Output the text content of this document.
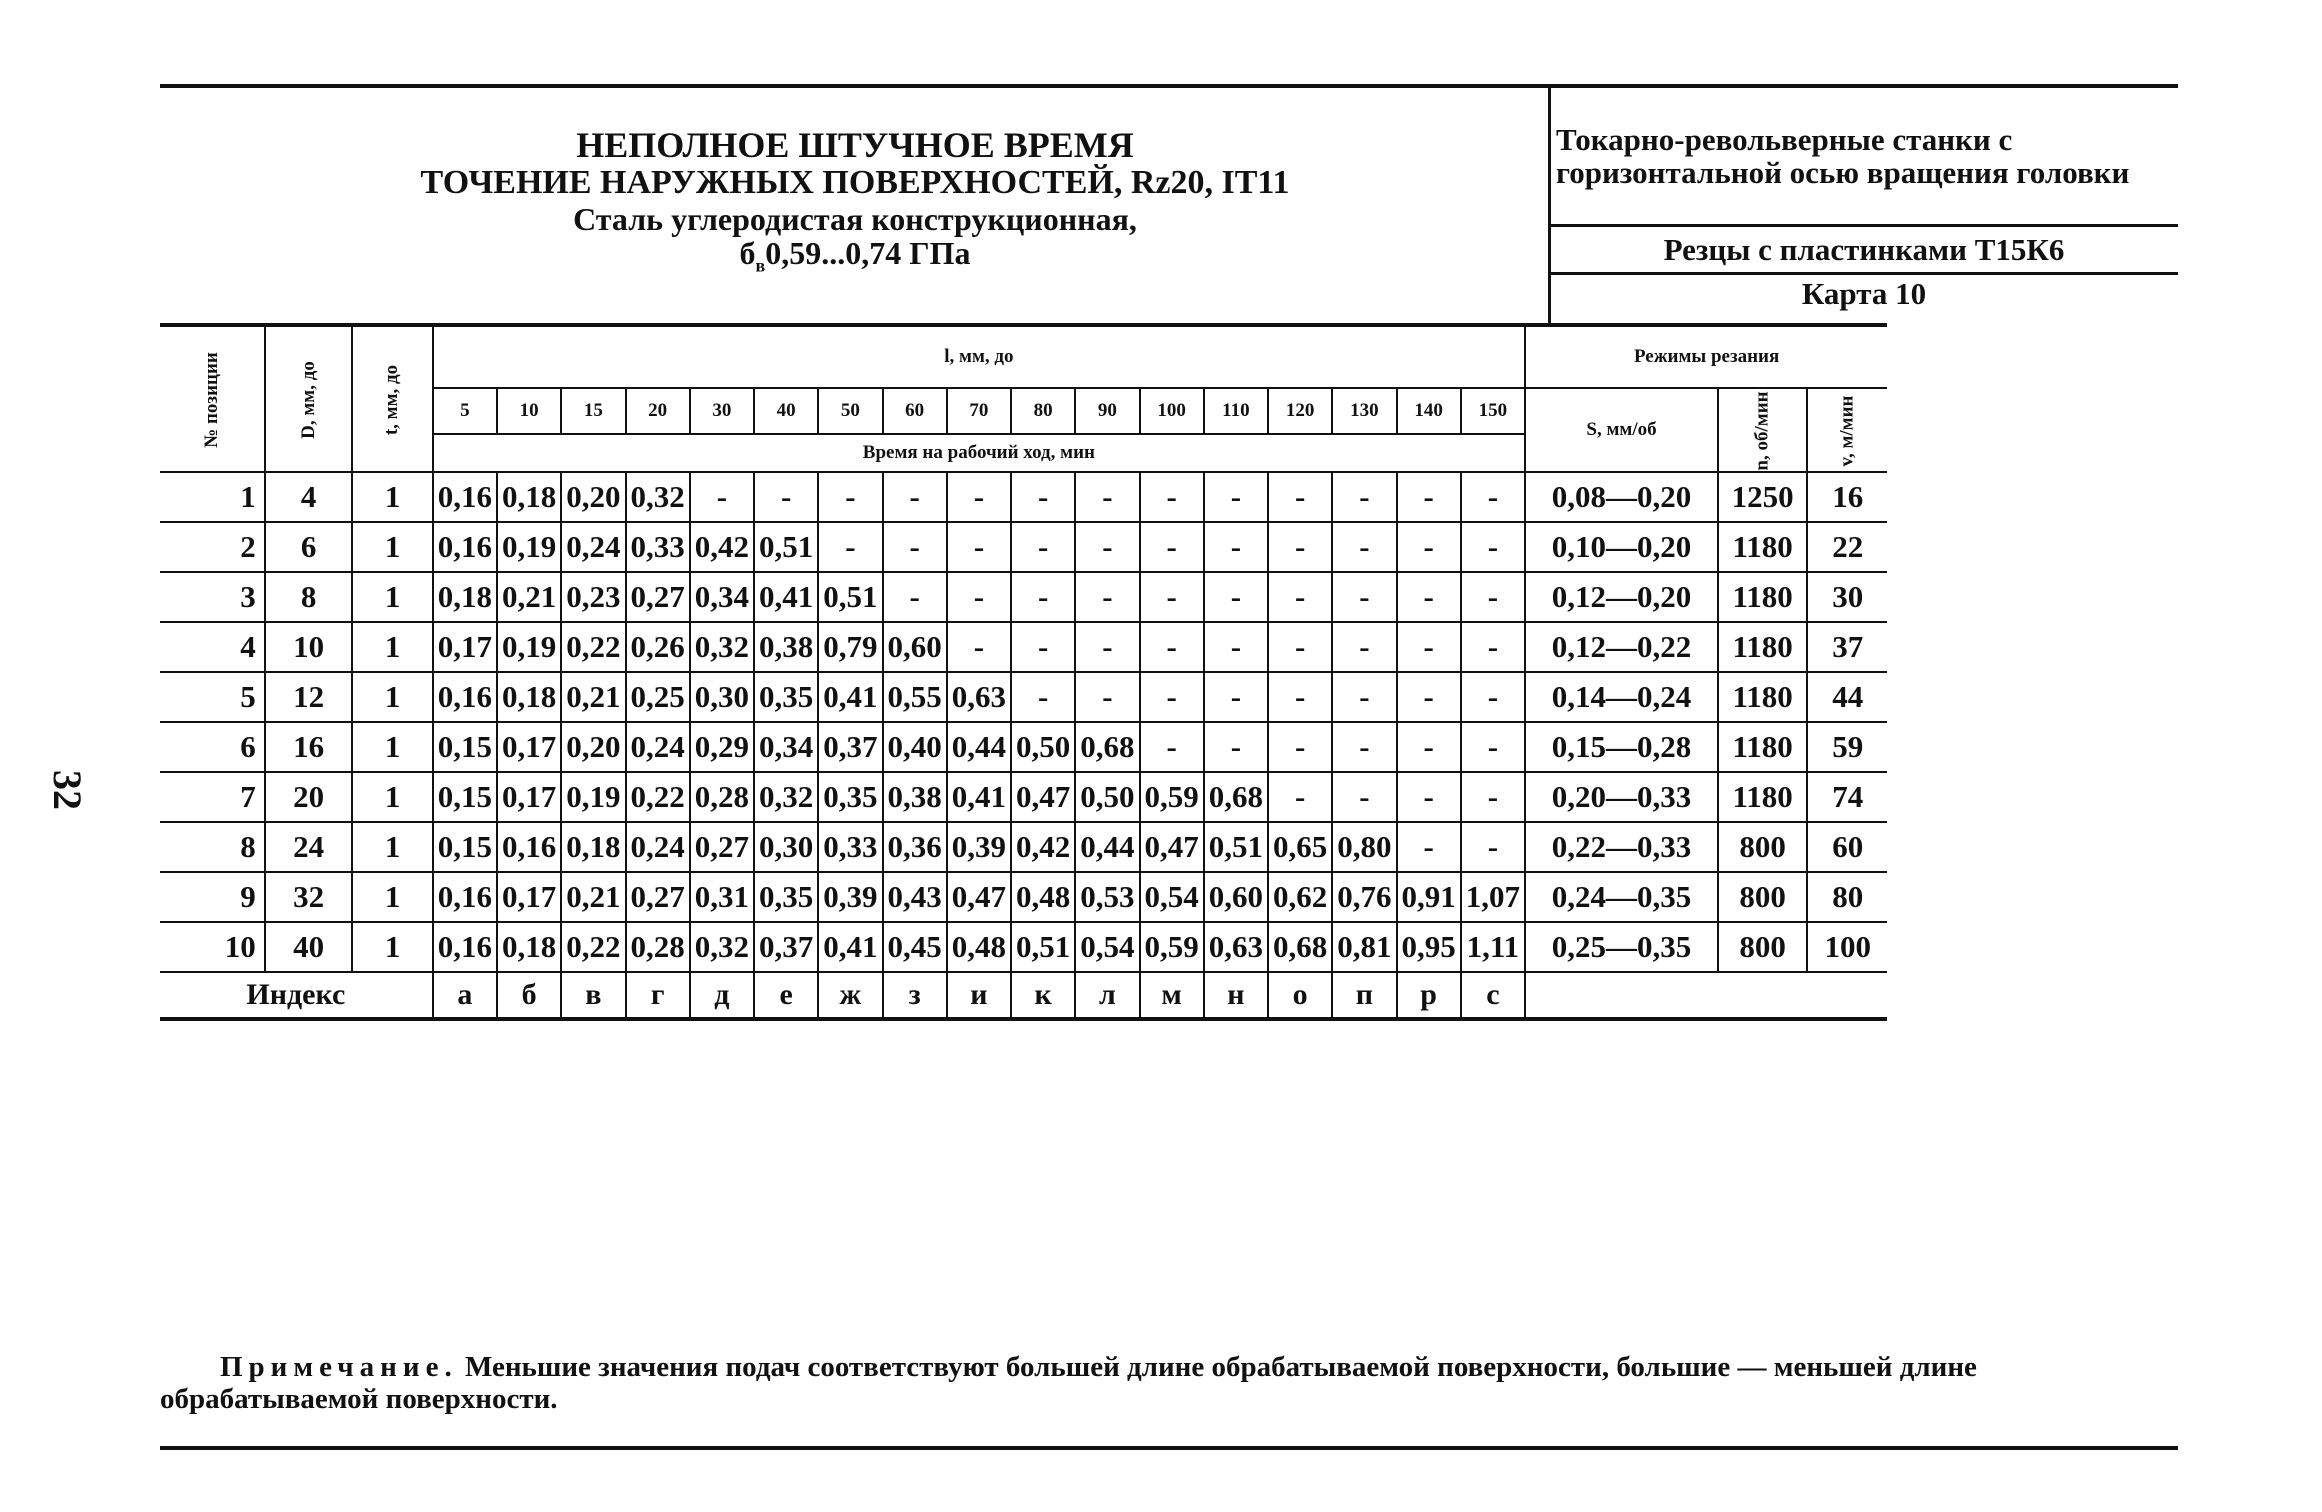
32
НЕПОЛНОЕ ШТУЧНОЕ ВРЕМЯ
ТОЧЕНИЕ НАРУЖНЫХ ПОВЕРХНОСТЕЙ, Rz20, IT11
Сталь углеродистая конструкционная,
$б_в0,59...0,74$ ГПа
Токарно-револьверные станки с горизонтальной осью вращения головки
Резцы с пластинками Т15К6
Карта 10
№ позиции	D, мм, до	t, мм, до	l, мм, до																	Режимы резания		
			5	10	15	20	30	40	50	60	70	80	90	100	110	120	130	140	150	S, мм/об	n, об/мин	v, м/мин
			Время на рабочий ход, мин																			
1	4	1	0,16	0,18	0,20	0,32	-	-	-	-	-	-	-	-	-	-	-	-	-	0,08—0,20	1250	16
2	6	1	0,16	0,19	0,24	0,33	0,42	0,51	-	-	-	-	-	-	-	-	-	-	-	0,10—0,20	1180	22
3	8	1	0,18	0,21	0,23	0,27	0,34	0,41	0,51	-	-	-	-	-	-	-	-	-	-	0,12—0,20	1180	30
4	10	1	0,17	0,19	0,22	0,26	0,32	0,38	0,79	0,60	-	-	-	-	-	-	-	-	-	0,12—0,22	1180	37
5	12	1	0,16	0,18	0,21	0,25	0,30	0,35	0,41	0,55	0,63	-	-	-	-	-	-	-	-	0,14—0,24	1180	44
6	16	1	0,15	0,17	0,20	0,24	0,29	0,34	0,37	0,40	0,44	0,50	0,68	-	-	-	-	-	-	0,15—0,28	1180	59
7	20	1	0,15	0,17	0,19	0,22	0,28	0,32	0,35	0,38	0,41	0,47	0,50	0,59	0,68	-	-	-	-	0,20—0,33	1180	74
8	24	1	0,15	0,16	0,18	0,24	0,27	0,30	0,33	0,36	0,39	0,42	0,44	0,47	0,51	0,65	0,80	-	-	0,22—0,33	800	60
9	32	1	0,16	0,17	0,21	0,27	0,31	0,35	0,39	0,43	0,47	0,48	0,53	0,54	0,60	0,62	0,76	0,91	1,07	0,24—0,35	800	80
10	40	1	0,16	0,18	0,22	0,28	0,32	0,37	0,41	0,45	0,48	0,51	0,54	0,59	0,63	0,68	0,81	0,95	1,11	0,25—0,35	800	100
Индекс			а	б	в	г	д	е	ж	з	и	к	л	м	н	о	п	р	с			
Примечание. Меньшие значения подач соответствуют большей длине обрабатываемой поверхности, большие — меньшей длине обрабатываемой поверхности.
